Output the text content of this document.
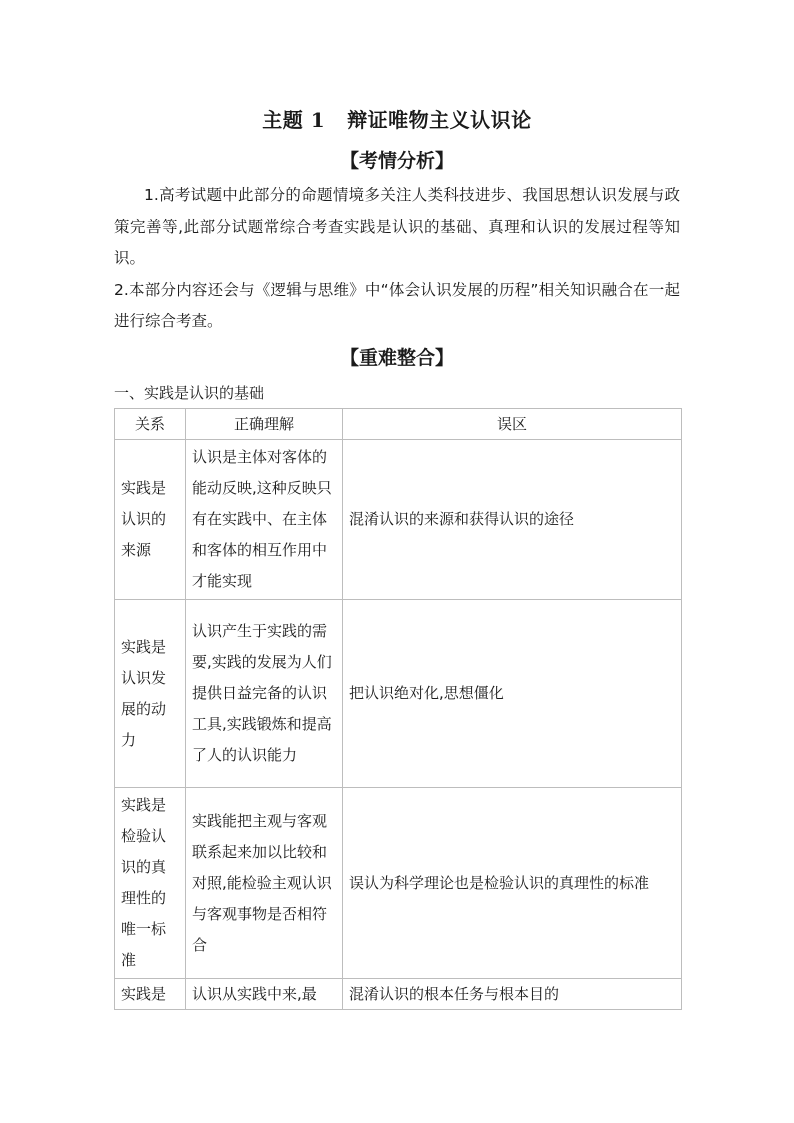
主题 1 辩证唯物主义认识论
【考情分析】

1.高考试题中此部分的命题情境多关注人类科技进步、我国思想认识发展与政策完善等,此部分试题常综合考查实践是认识的基础、真理和认识的发展过程等知识。

2.本部分内容还会与《逻辑与思维》中“体会认识发展的历程”相关知识融合在一起进行综合考查。

【重难整合】
一、实践是认识的基础
关系	正确理解	误区
实践是认识的来源	认识是主体对客体的能动反映,这种反映只有在实践中、在主体和客体的相互作用中才能实现	混淆认识的来源和获得认识的途径
实践是认识发展的动力	认识产生于实践的需要,实践的发展为人们提供日益完备的认识工具,实践锻炼和提高了人的认识能力	把认识绝对化,思想僵化
实践是检验认识的真理性的唯一标准	实践能把主观与客观联系起来加以比较和对照,能检验主观认识与客观事物是否相符合	误认为科学理论也是检验认识的真理性的标准
实践是	认识从实践中来,最	混淆认识的根本任务与根本目的
